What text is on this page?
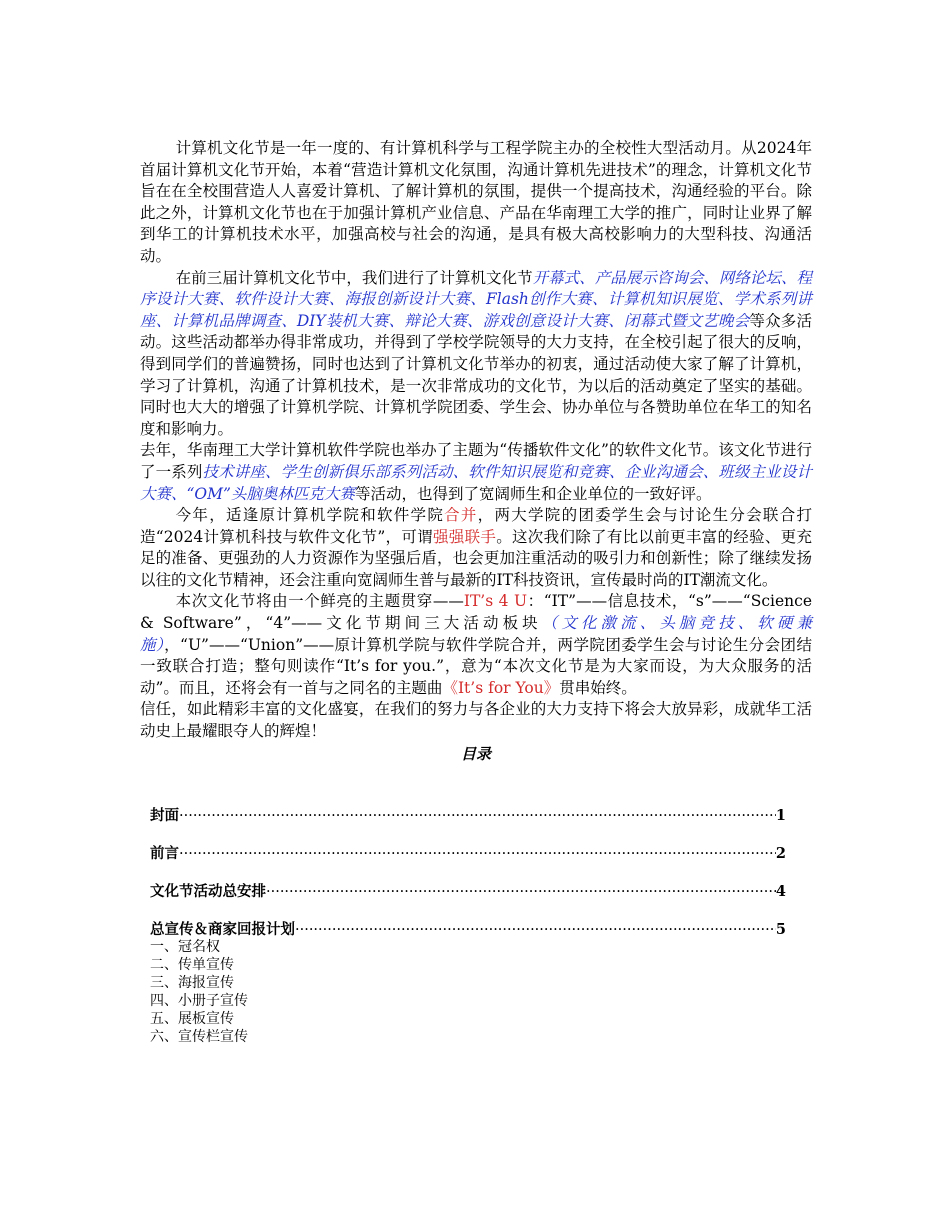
计算机文化节是一年一度的、有计算机科学与工程学院主办的全校性大型活动月。从2024年首届计算机文化节开始，本着“营造计算机文化氛围，沟通计算机先进技术”的理念，计算机文化节旨在在全校围营造人人喜爱计算机、了解计算机的氛围，提供一个提高技术，沟通经验的平台。除此之外，计算机文化节也在于加强计算机产业信息、产品在华南理工大学的推广，同时让业界了解到华工的计算机技术水平，加强高校与社会的沟通，是具有极大高校影响力的大型科技、沟通活动。

在前三届计算机文化节中，我们进行了计算机文化节开幕式、产品展示咨询会、网络论坛、程序设计大赛、软件设计大赛、海报创新设计大赛、Flash创作大赛、计算机知识展览、学术系列讲座、计算机品牌调查、DIY装机大赛、辩论大赛、游戏创意设计大赛、闭幕式暨文艺晚会等众多活动。这些活动都举办得非常成功，并得到了学校学院领导的大力支持，在全校引起了很大的反响，得到同学们的普遍赞扬，同时也达到了计算机文化节举办的初衷，通过活动使大家了解了计算机，学习了计算机，沟通了计算机技术，是一次非常成功的文化节，为以后的活动奠定了坚实的基础。同时也大大的增强了计算机学院、计算机学院团委、学生会、协办单位与各赞助单位在华工的知名度和影响力。

去年，华南理工大学计算机软件学院也举办了主题为“传播软件文化”的软件文化节。该文化节进行了一系列技术讲座、学生创新俱乐部系列活动、软件知识展览和竞赛、企业沟通会、班级主业设计大赛、“OM”头脑奥林匹克大赛等活动，也得到了宽阔师生和企业单位的一致好评。

今年，适逢原计算机学院和软件学院合并，两大学院的团委学生会与讨论生分会联合打造“2024计算机科技与软件文化节”，可谓强强联手。这次我们除了有比以前更丰富的经验、更充足的准备、更强劲的人力资源作为坚强后盾，也会更加注重活动的吸引力和创新性；除了继续发扬以往的文化节精神，还会注重向宽阔师生普与最新的IT科技资讯，宣传最时尚的IT潮流文化。

本次文化节将由一个鲜亮的主题贯穿——IT’s 4 U：“IT”——信息技术，“s”——“Science & Software”，“4”——文化节期间三大活动板块（文化激流、头脑竞技、软硬兼施），“U”——“Union”——原计算机学院与软件学院合并，两学院团委学生会与讨论生分会团结一致联合打造；整句则读作“It’s for you.”，意为“本次文化节是为大家而设，为大众服务的活动”。而且，还将会有一首与之同名的主题曲《It’s for You》贯串始终。

信任，如此精彩丰富的文化盛宴，在我们的努力与各企业的大力支持下将会大放异彩，成就华工活动史上最耀眼夺人的辉煌！

目录
封面 ·····	1
前言 ·····	2
文化节活动总安排 ·····	4
总宣传＆商家回报计划 ·····	5
一、冠名权
二、传单宣传
三、海报宣传
四、小册子宣传
五、展板宣传
六、宣传栏宣传
